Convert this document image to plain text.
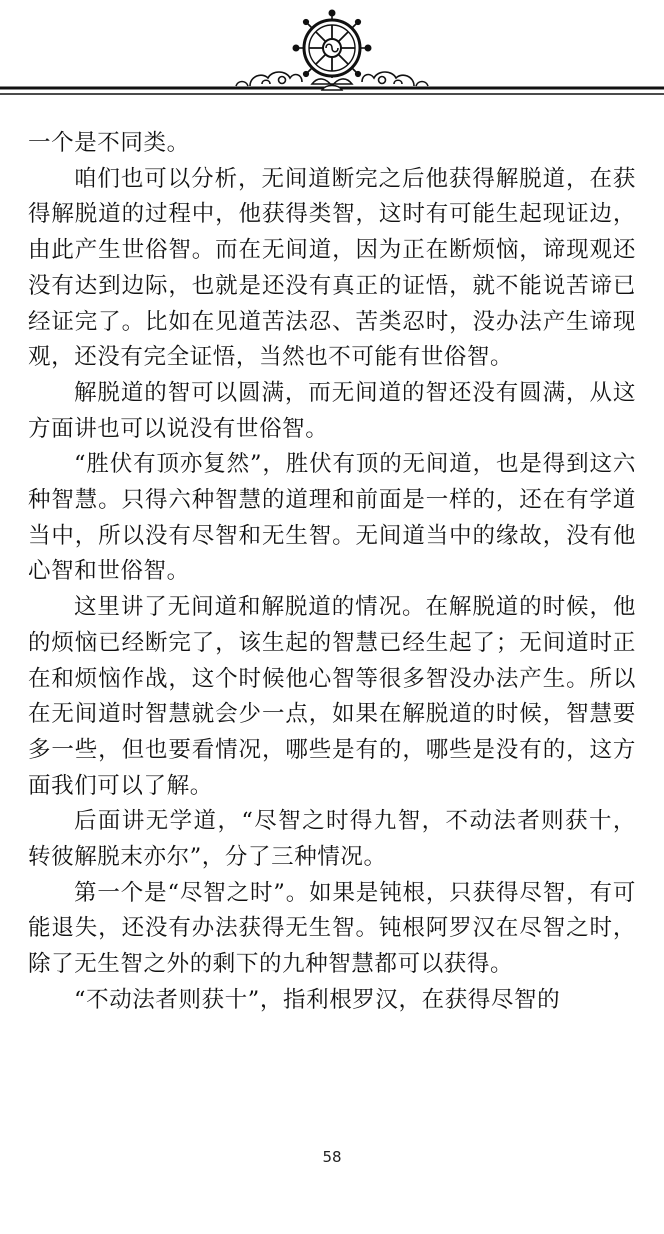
一个是不同类。

咱们也可以分析，无间道断完之后他获得解脱道，在获得解脱道的过程中，他获得类智，这时有可能生起现证边，由此产生世俗智。而在无间道，因为正在断烦恼，谛现观还没有达到边际，也就是还没有真正的证悟，就不能说苦谛已经证完了。比如在见道苦法忍、苦类忍时，没办法产生谛现观，还没有完全证悟，当然也不可能有世俗智。

解脱道的智可以圆满，而无间道的智还没有圆满，从这方面讲也可以说没有世俗智。

“胜伏有顶亦复然”，胜伏有顶的无间道，也是得到这六种智慧。只得六种智慧的道理和前面是一样的，还在有学道当中，所以没有尽智和无生智。无间道当中的缘故，没有他心智和世俗智。

这里讲了无间道和解脱道的情况。在解脱道的时候，他的烦恼已经断完了，该生起的智慧已经生起了；无间道时正在和烦恼作战，这个时候他心智等很多智没办法产生。所以在无间道时智慧就会少一点，如果在解脱道的时候，智慧要多一些，但也要看情况，哪些是有的，哪些是没有的，这方面我们可以了解。

后面讲无学道，“尽智之时得九智，不动法者则获十，转彼解脱末亦尔”，分了三种情况。

第一个是“尽智之时”。如果是钝根，只获得尽智，有可能退失，还没有办法获得无生智。钝根阿罗汉在尽智之时，除了无生智之外的剩下的九种智慧都可以获得。

“不动法者则获十”，指利根罗汉，在获得尽智的

58
